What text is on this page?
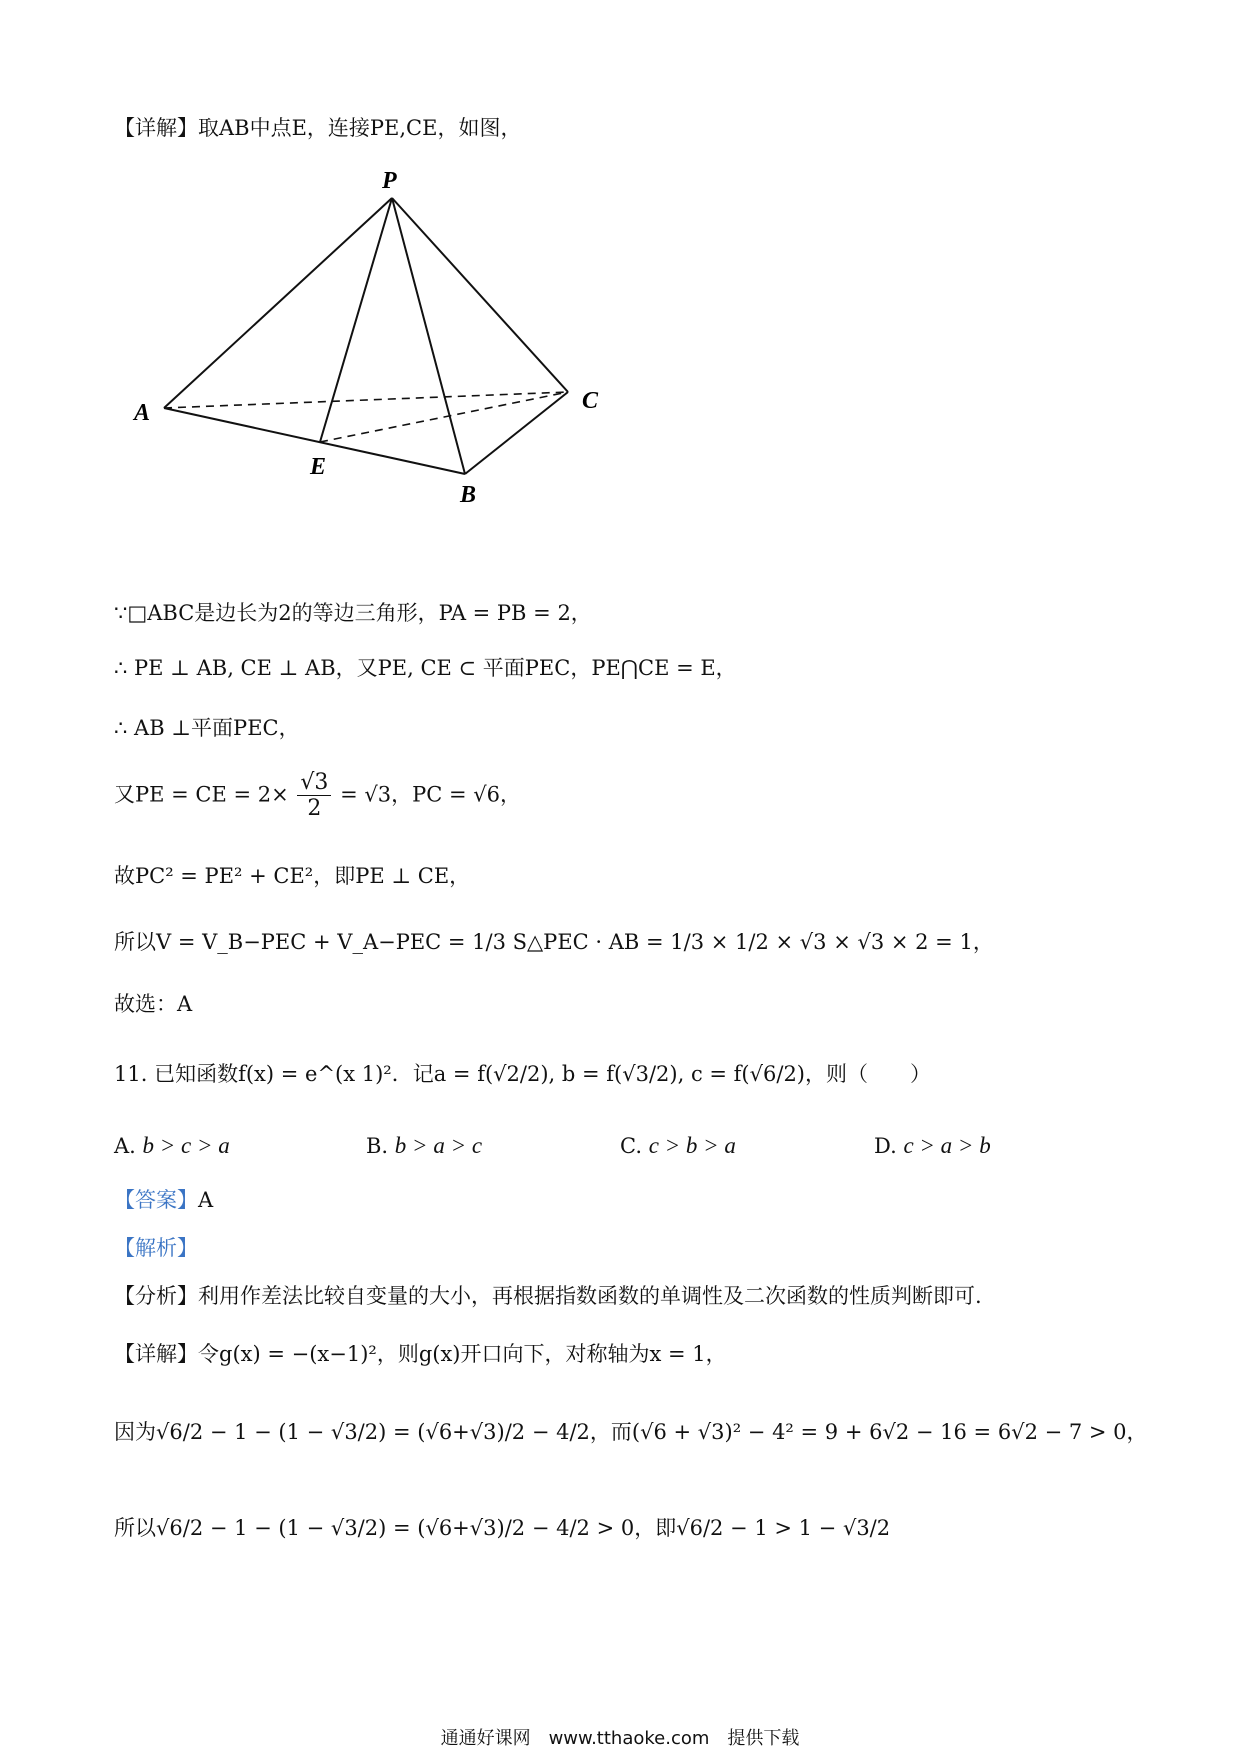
【详解】取AB中点E，连接PE,CE，如图，
P
A
B
C
E
∵□ABC是边长为2的等边三角形，PA = PB = 2，
∴ PE ⊥ AB, CE ⊥ AB，又PE, CE ⊂ 平面PEC，PE⋂CE = E，
∴ AB ⊥平面PEC，
又PE = CE = $2\times \frac{√3}{2} = √3$，PC = √6，
故PC² = PE² + CE²，即PE ⊥ CE，
所以V = V_B−PEC + V_A−PEC = 1/3 S△PEC · AB = 1/3 × 1/2 × √3 × √3 × 2 = 1，
故选：A
11. 已知函数f(x) = e^(x 1)²．记a = f(√2/2), b = f(√3/2), c = f(√6/2)，则（　　）
A. b > c > a	B. b > a > c	C. c > b > a	D. c > a > b
【答案】A
【解析】
【分析】利用作差法比较自变量的大小，再根据指数函数的单调性及二次函数的性质判断即可.
【详解】令g(x) = −(x−1)²，则g(x)开口向下，对称轴为x = 1，
因为√6/2 − 1 − (1 − √3/2) = (√6+√3)/2 − 4/2，而(√6 + √3)² − 4² = 9 + 6√2 − 16 = 6√2 − 7 > 0，
所以√6/2 − 1 − (1 − √3/2) = (√6+√3)/2 − 4/2 > 0，即√6/2 − 1 > 1 − √3/2
通通好课网　www.tthaoke.com　提供下载
